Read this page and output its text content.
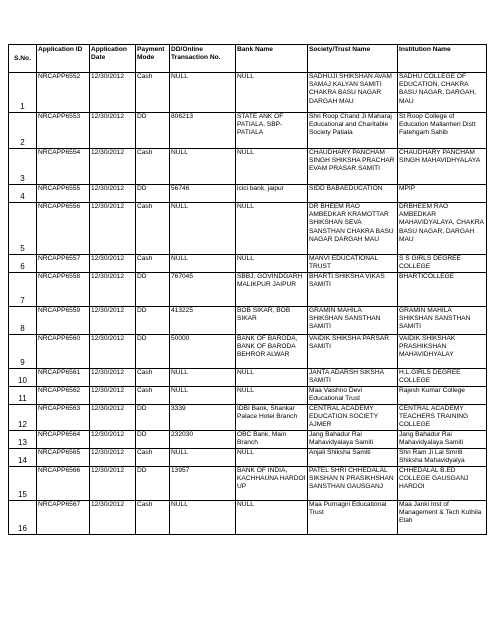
S.No.	Application ID	Application Date	Payment Mode	DD/Online Transaction No.	Bank Name	Society/Trust Name	Institution Name
1	NRCAPP6552	12/30/2012	Cash	NULL	NULL	SADHUJI SHIKSHAN AVAM SAMAJ KALYAN SAMITI CHAKRA BASU NAGAR DARGAH MAU	SADHU COLLEGE OF EDUCATION, CHAKRA BASU NAGAR, DARGAH, MAU
2	NRCAPP6553	12/30/2012	DD	806213	STATE ANK OF PATIALA, SBP-PATIALA	Shri Roop Chand Ji Maharaj Educational and Charitable Society Patiala	St Roop College of Education Mallanheri Distt Fatehgarh Sahib
3	NRCAPP6554	12/30/2012	Cash	NULL	NULL	CHAUDHARY PANCHAM SINGH SHIKSHA PRACHAR EVAM PRASAR SAMITI	CHAUDHARY PANCHAM SINGH MAHAVIDHYALAYA
4	NRCAPP6555	12/30/2012	DD	56746	icici bank, jaipur	SIDD BABAEDUCATION	MPIP
5	NRCAPP6556	12/30/2012	Cash	NULL	NULL	DR BHEEM RAO AMBEDKAR KRAMOTTAR SHIKSHAN SEVA SANSTHAN CHAKRA BASU NAGAR DARGAH MAU	DRBHEEM RAO AMBEDKAR MAHAVIDYALAYA, CHAKRA BASU NAGAR, DARGAH MAU
6	NRCAPP6557	12/30/2012	Cash	NULL	NULL	MANVI EDUCATIONAL TRUST	S S GIRLS DEGREE COLLEGE
7	NRCAPP6558	12/30/2012	DD	767045	SBBJ, GOVINDGARH MALIKPUR JAIPUR	BHARTI SHIKSHA VIKAS SAMITI	BHARTICOLLEGE
8	NRCAPP6559	12/30/2012	DD	413225	BOB SIKAR, BOB SIKAR	GRAMIN MAHILA SHIKSHAN SANSTHAN SAMITI	GRAMIN MAHILA SHIKSHAN SANSTHAN SAMITI
9	NRCAPP6560	12/30/2012	DD	50000	BANK OF BARODA, BANK OF BARODA BEHROR ALWAR	VAIDIK SHIKSHA PARSAR SAMITI	VAIDIK SHIKSHAK PRASHIKSHAN MAHAVIDHYALAY
10	NRCAPP6561	12/30/2012	Cash	NULL	NULL	JANTA ADARSH SIKSHA SAMITI	H.L.GIRLS DEGREE COLLEGE
11	NRCAPP6562	12/30/2012	Cash	NULL	NULL	Maa Vaishno Devi Educational Trust	Rajesh Kumar College
12	NRCAPP6563	12/30/2012	DD	3339	IDBI Bank, Shankar Palace Hotel Branch	CENTRAL ACADEMY EDUCATION SOCIETY AJMER	CENTRAL ACADEMY TEACHERS TRAINING COLLEGE
13	NRCAPP6564	12/30/2012	DD	232030	OBC Bank, Main Branch	Jang Bahadur Rai Mahavidyalaya Samiti	Jang Bahadur Rai Mahavidyalaya Samiti
14	NRCAPP6565	12/30/2012	Cash	NULL	NULL	Anjali Shiksha Samiti	Shri Ram Ji Lal Smriti Shiksha Mahavidyalya
15	NRCAPP6566	12/30/2012	DD	13957	BANK OF INDIA, KACHHAUNA HARDOI UP	PATEL SHRI CHHEDALAL SIKSHAN N PRASIKHSHAN SANSTHAN GAUSGANJ	CHHEDALAL B.ED COLLEGE GAUSGANJ HARDOI
16	NRCAPP6567	12/30/2012	Cash	NULL	NULL	Maa Purnagiri Educational Trust	Maa Janki Inst of Management & Tech Kuthila Etah
